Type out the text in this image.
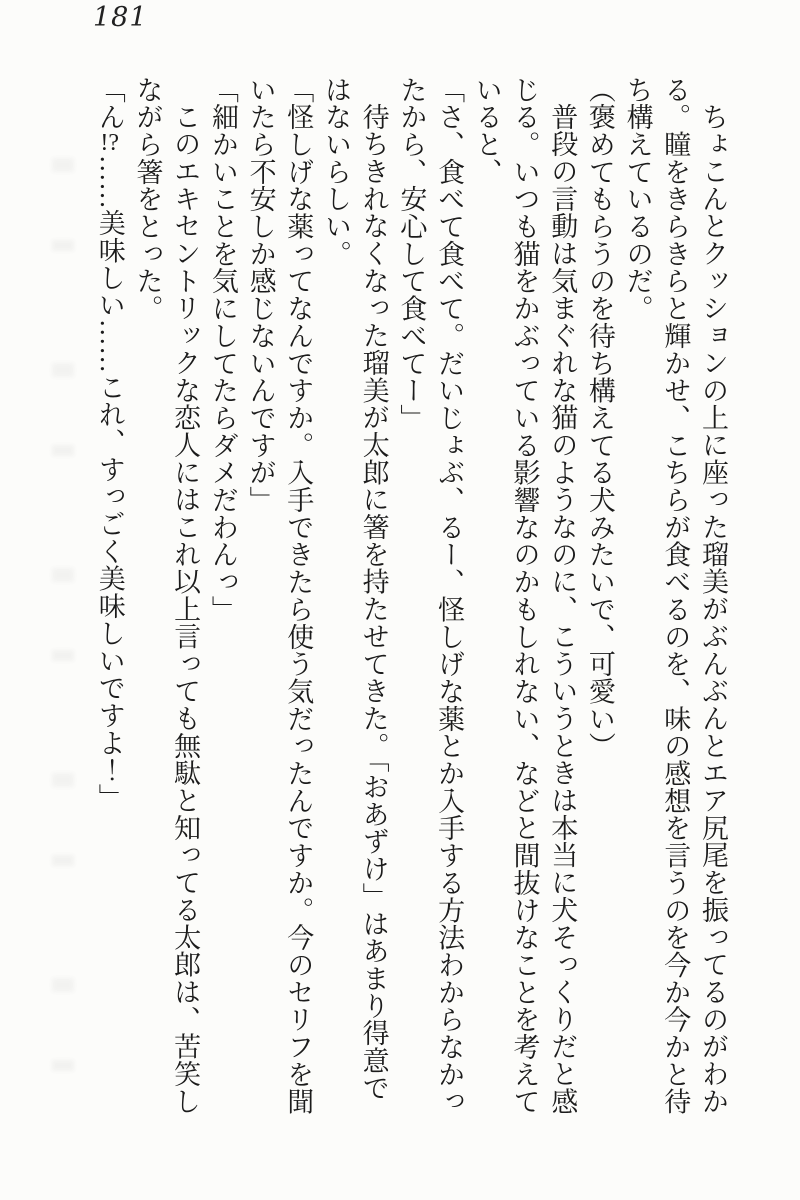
181

ちょこんとクッションの上に座った瑠美がぶんぶんとエア尻尾を振ってるのがわか

る。瞳をきらきらと輝かせ、こちらが食べるのを、味の感想を言うのを今か今かと待

ち構えているのだ。

（褒めてもらうのを待ち構えてる犬みたいで、可愛い）

普段の言動は気まぐれな猫のようなのに、こういうときは本当に犬そっくりだと感

じる。いつも猫をかぶっている影響なのかもしれない、などと間抜けなことを考えて

いると、

「さ、食べて食べて。だいじょぶ、るー、怪しげな薬とか入手する方法わからなかっ

たから、安心して食べてー」

待ちきれなくなった瑠美が太郎に箸を持たせてきた。「おあずけ」はあまり得意で

はないらしい。

「怪しげな薬ってなんですか。入手できたら使う気だったんですか。今のセリフを聞

いたら不安しか感じないんですが」

「細かいことを気にしてたらダメだわんっ」

このエキセントリックな恋人にはこれ以上言っても無駄と知ってる太郎は、苦笑し

ながら箸をとった。

「ん!?……美味しい……これ、すっごく美味しいですよ！」
